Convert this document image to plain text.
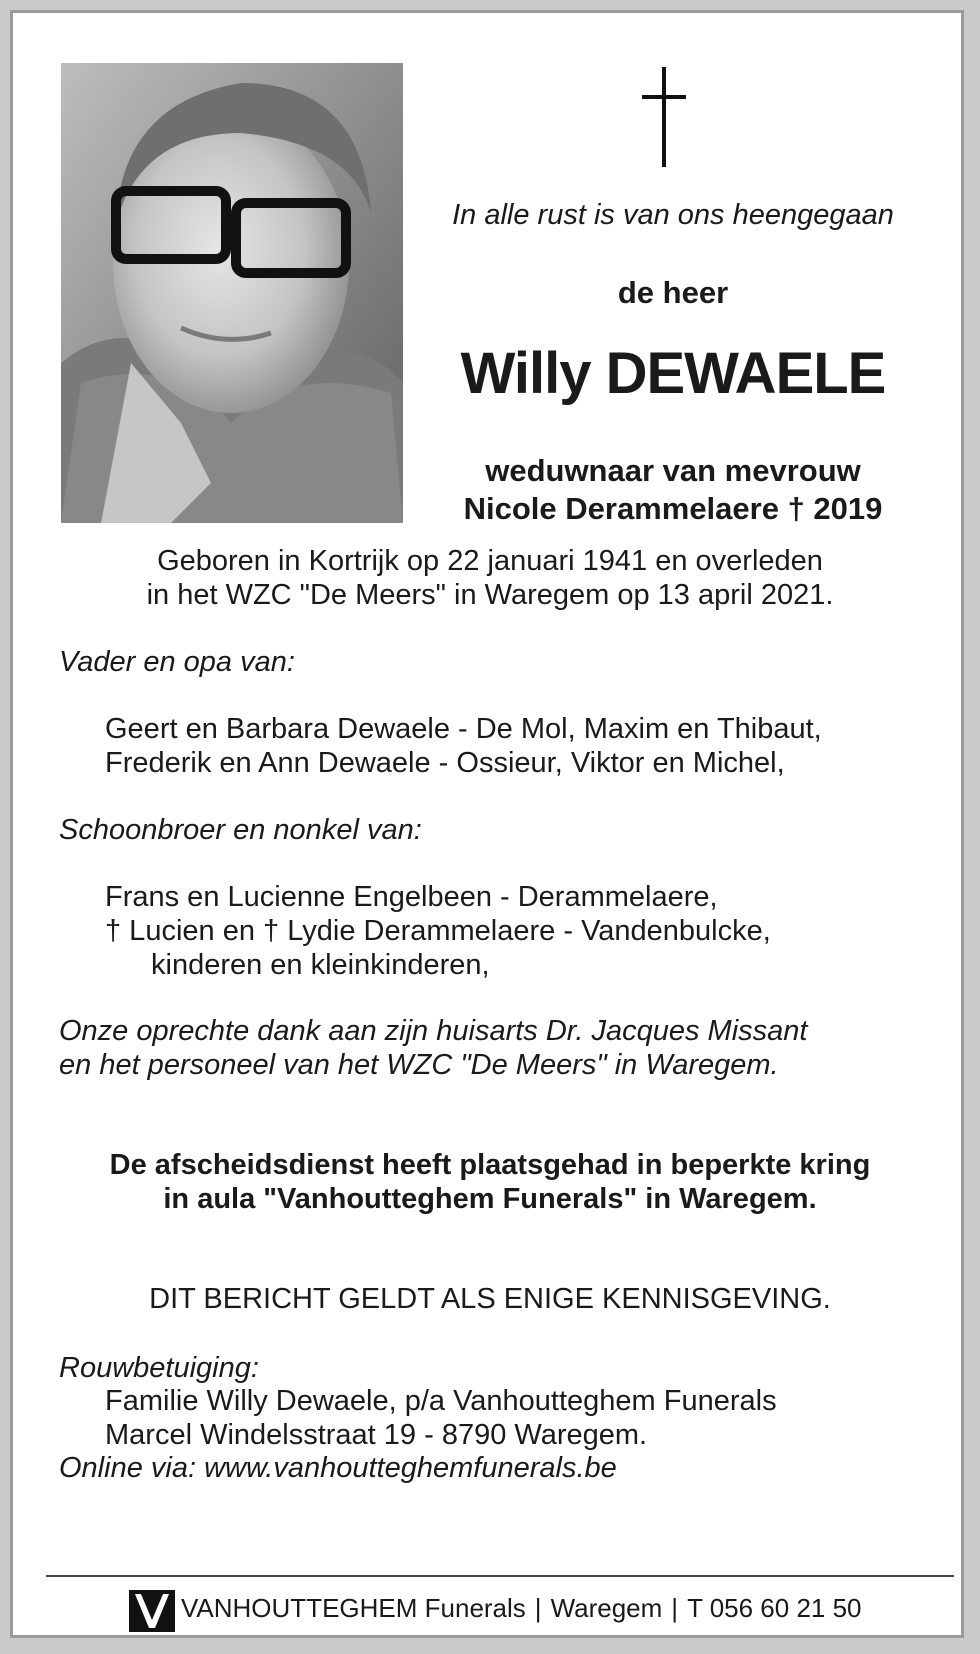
In alle rust is van ons heengegaan
de heer
Willy DEWAELE
weduwnaar van mevrouw
Nicole Derammelaere † 2019
Geboren in Kortrijk op 22 januari 1941 en overleden
in het WZC "De Meers" in Waregem op 13 april 2021.
Vader en opa van:
Geert en Barbara Dewaele - De Mol, Maxim en Thibaut,
Frederik en Ann Dewaele - Ossieur, Viktor en Michel,
Schoonbroer en nonkel van:
Frans en Lucienne Engelbeen - Derammelaere,
† Lucien en † Lydie Derammelaere - Vandenbulcke,
kinderen en kleinkinderen,
Onze oprechte dank aan zijn huisarts Dr. Jacques Missant
en het personeel van het WZC "De Meers" in Waregem.
De afscheidsdienst heeft plaatsgehad in beperkte kring
in aula "Vanhoutteghem Funerals" in Waregem.
DIT BERICHT GELDT ALS ENIGE KENNISGEVING.
Rouwbetuiging:
Familie Willy Dewaele, p/a Vanhoutteghem Funerals
Marcel Windelsstraat 19 - 8790 Waregem.
Online via: www.vanhoutteghemfunerals.be
VANHOUTTEGHEM Funerals | Waregem | T 056 60 21 50
